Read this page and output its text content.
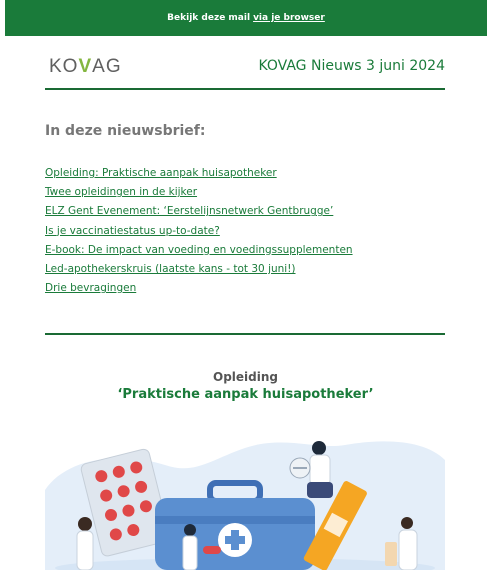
Bekijk deze mail via je browser
KOVAG	KOVAG Nieuws 3 juni 2024
In deze nieuwsbrief:
Opleiding: Praktische aanpak huisapotheker
Twee opleidingen in de kijker
ELZ Gent Evenement: ‘Eerstelijnsnetwerk Gentbrugge’
Is je vaccinatiestatus up-to-date?
E-book: De impact van voeding en voedingssupplementen
Led-apothekerskruis (laatste kans - tot 30 juni!)
Drie bevragingen
Opleiding
‘Praktische aanpak huisapotheker’
